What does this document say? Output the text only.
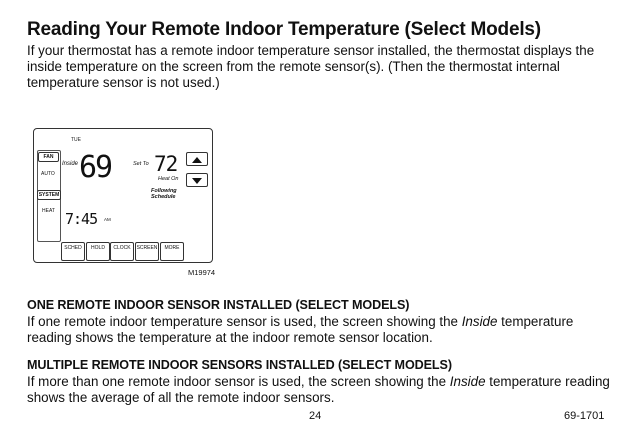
Reading Your Remote Indoor Temperature (Select Models)
If your thermostat has a remote indoor temperature sensor installed, the thermostat displays the inside temperature on the screen from the remote sensor(s). (Then the thermostat internal temperature sensor is not used.)
TUE
FAN
AUTO
SYSTEM
HEAT
Inside 69	Set To 72
Heat On
Following
Schedule
7:45 AM
SCHED	HOLD	CLOCK	SCREEN	MORE
M19974
ONE REMOTE INDOOR SENSOR INSTALLED (SELECT MODELS)
If one remote indoor temperature sensor is used, the screen showing the Inside temperature reading shows the temperature at the indoor remote sensor location.
MULTIPLE REMOTE INDOOR SENSORS INSTALLED (SELECT MODELS)
If more than one remote indoor sensor is used, the screen showing the Inside temperature reading shows the average of all the remote indoor sensors.
24	69-1701
